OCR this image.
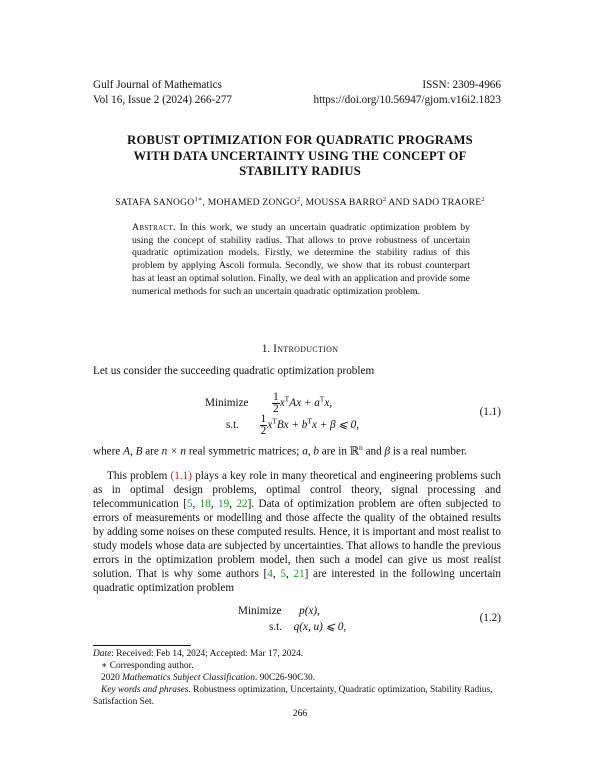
Gulf Journal of Mathematics
Vol 16, Issue 2 (2024) 266-277
ISSN: 2309-4966
https://doi.org/10.56947/gjom.v16i2.1823
ROBUST OPTIMIZATION FOR QUADRATIC PROGRAMS
WITH DATA UNCERTAINTY USING THE CONCEPT OF
STABILITY RADIUS
SATAFA $SANOGO^{1∗}$, MOHAMED ZONGO$^2$, MOUSSA BARRO$^2$ AND SADO TRAORE$^2$
Abstract. In this work, we study an uncertain quadratic optimization problem by using the concept of stability radius. That allows to prove robustness of uncertain quadratic optimization models. Firstly, we determine the stability radius of this problem by applying Ascoli formula. Secondly, we show that its robust counterpart has at least an optimal solution. Finally, we deal with an application and provide some numerical methods for such an uncertain quadratic optimization problem.
1. Introduction
Let us consider the succeeding quadratic optimization problem
Minimize $\frac{1}{2} x^TAx + a^Tx$,
s.t. $\frac{1}{2} x^TBx + b^Tx + \beta$ ⩽ 0,
(1.1)
where A, B are n × n real symmetric matrices; a, b are in ℝ$^n$ and β is a real number.
This problem (1.1) plays a key role in many theoretical and engineering problems such as in optimal design problems, optimal control theory, signal processing and telecommunication [5, 18, 19, 22]. Data of optimization problem are often subjected to errors of measurements or modelling and those affecte the quality of the obtained results by adding some noises on these computed results. Hence, it is important and most realist to study models whose data are subjected by uncertainties. That allows to handle the previous errors in the optimization problem model, then such a model can give us most realist solution. That is why some authors [4, 5, 21] are interested in the following uncertain quadratic optimization problem
Minimize p(x),
s.t. q(x, u) ⩽ 0,
(1.2)
Date: Received: Feb 14, 2024; Accepted: Mar 17, 2024.
∗ Corresponding author.
2020 Mathematics Subject Classification. 90C26-90C30.
Key words and phrases. Robustness optimization, Uncertainty, Quadratic optimization, Stability Radius, Satisfaction Set.
266
